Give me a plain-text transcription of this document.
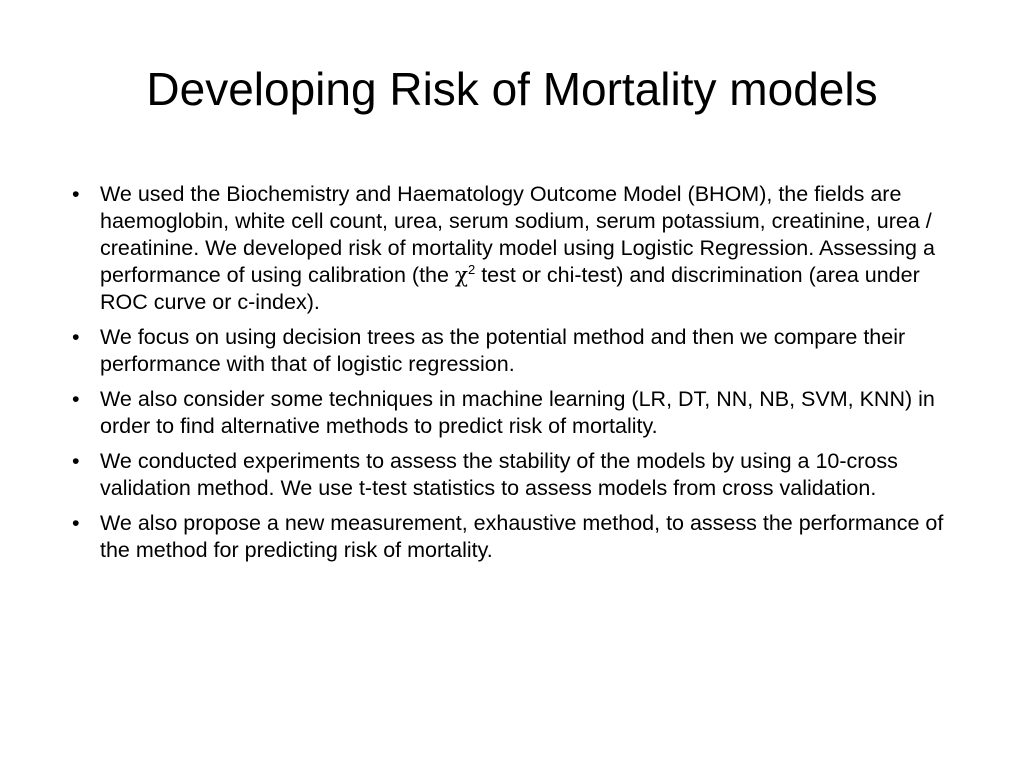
Developing Risk of Mortality models
• We used the Biochemistry and Haematology Outcome Model (BHOM), the fields are haemoglobin, white cell count, urea, serum sodium, serum potassium, creatinine, urea / creatinine. We developed risk of mortality model using Logistic Regression. Assessing a performance of using calibration (the $\chi^2$ test or chi-test) and discrimination (area under ROC curve or c-index).
• We focus on using decision trees as the potential method and then we compare their performance with that of logistic regression.
• We also consider some techniques in machine learning (LR, DT, NN, NB, SVM, KNN) in order to find alternative methods to predict risk of mortality.
• We conducted experiments to assess the stability of the models by using a 10-cross validation method. We use t-test statistics to assess models from cross validation.
• We also propose a new measurement, exhaustive method, to assess the performance of the method for predicting risk of mortality.
